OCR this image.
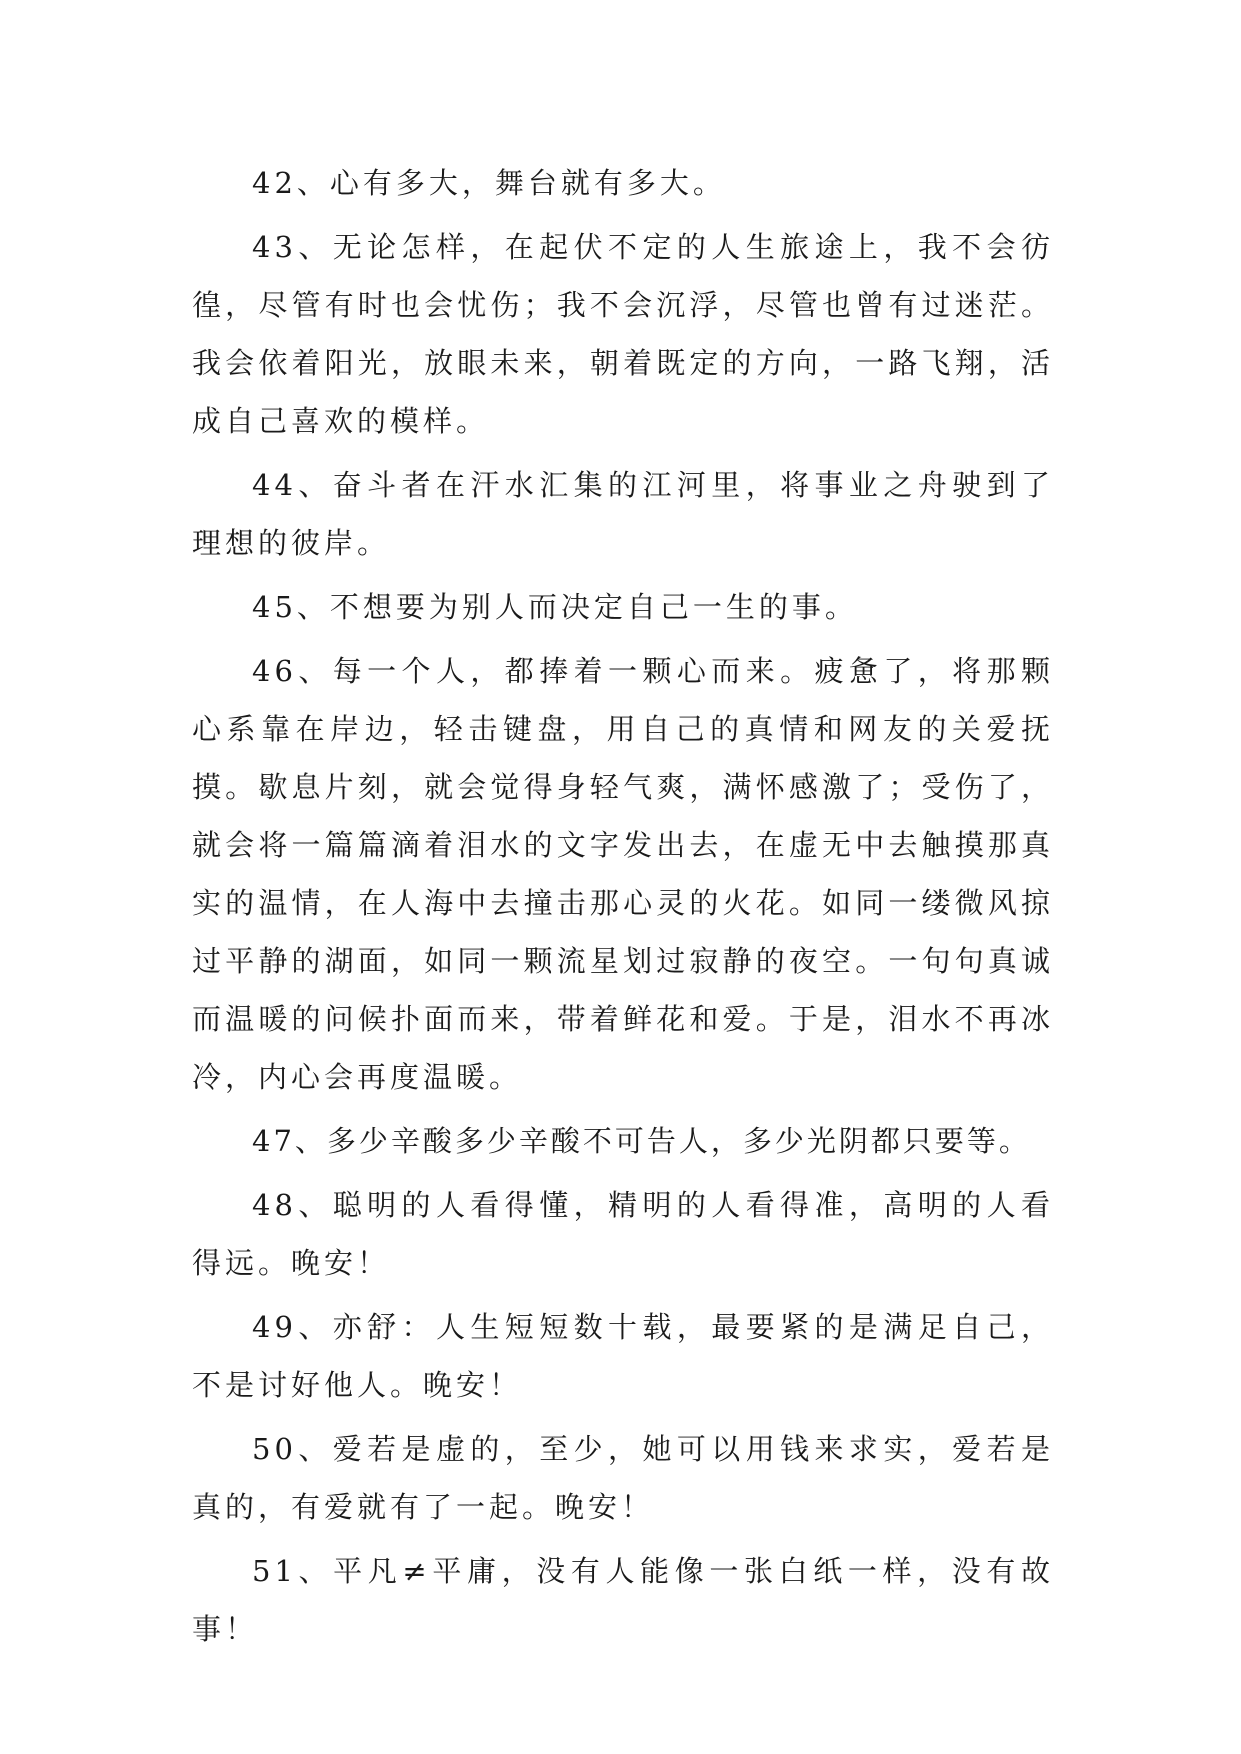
42、心有多大，舞台就有多大。

43、无论怎样，在起伏不定的人生旅途上，我不会彷徨，尽管有时也会忧伤；我不会沉浮，尽管也曾有过迷茫。我会依着阳光，放眼未来，朝着既定的方向，一路飞翔，活成自己喜欢的模样。

44、奋斗者在汗水汇集的江河里，将事业之舟驶到了理想的彼岸。

45、不想要为别人而决定自己一生的事。

46、每一个人，都捧着一颗心而来。疲惫了，将那颗心系靠在岸边，轻击键盘，用自己的真情和网友的关爱抚摸。歇息片刻，就会觉得身轻气爽，满怀感激了；受伤了，就会将一篇篇滴着泪水的文字发出去，在虚无中去触摸那真实的温情，在人海中去撞击那心灵的火花。如同一缕微风掠过平静的湖面，如同一颗流星划过寂静的夜空。一句句真诚而温暖的问候扑面而来，带着鲜花和爱。于是，泪水不再冰冷，内心会再度温暖。

47、多少辛酸多少辛酸不可告人，多少光阴都只要等。

48、聪明的人看得懂，精明的人看得准，高明的人看得远。晚安！

49、亦舒：人生短短数十载，最要紧的是满足自己，不是讨好他人。晚安！

50、爱若是虚的，至少，她可以用钱来求实，爱若是真的，有爱就有了一起。晚安！

51、平凡≠平庸，没有人能像一张白纸一样，没有故事！
